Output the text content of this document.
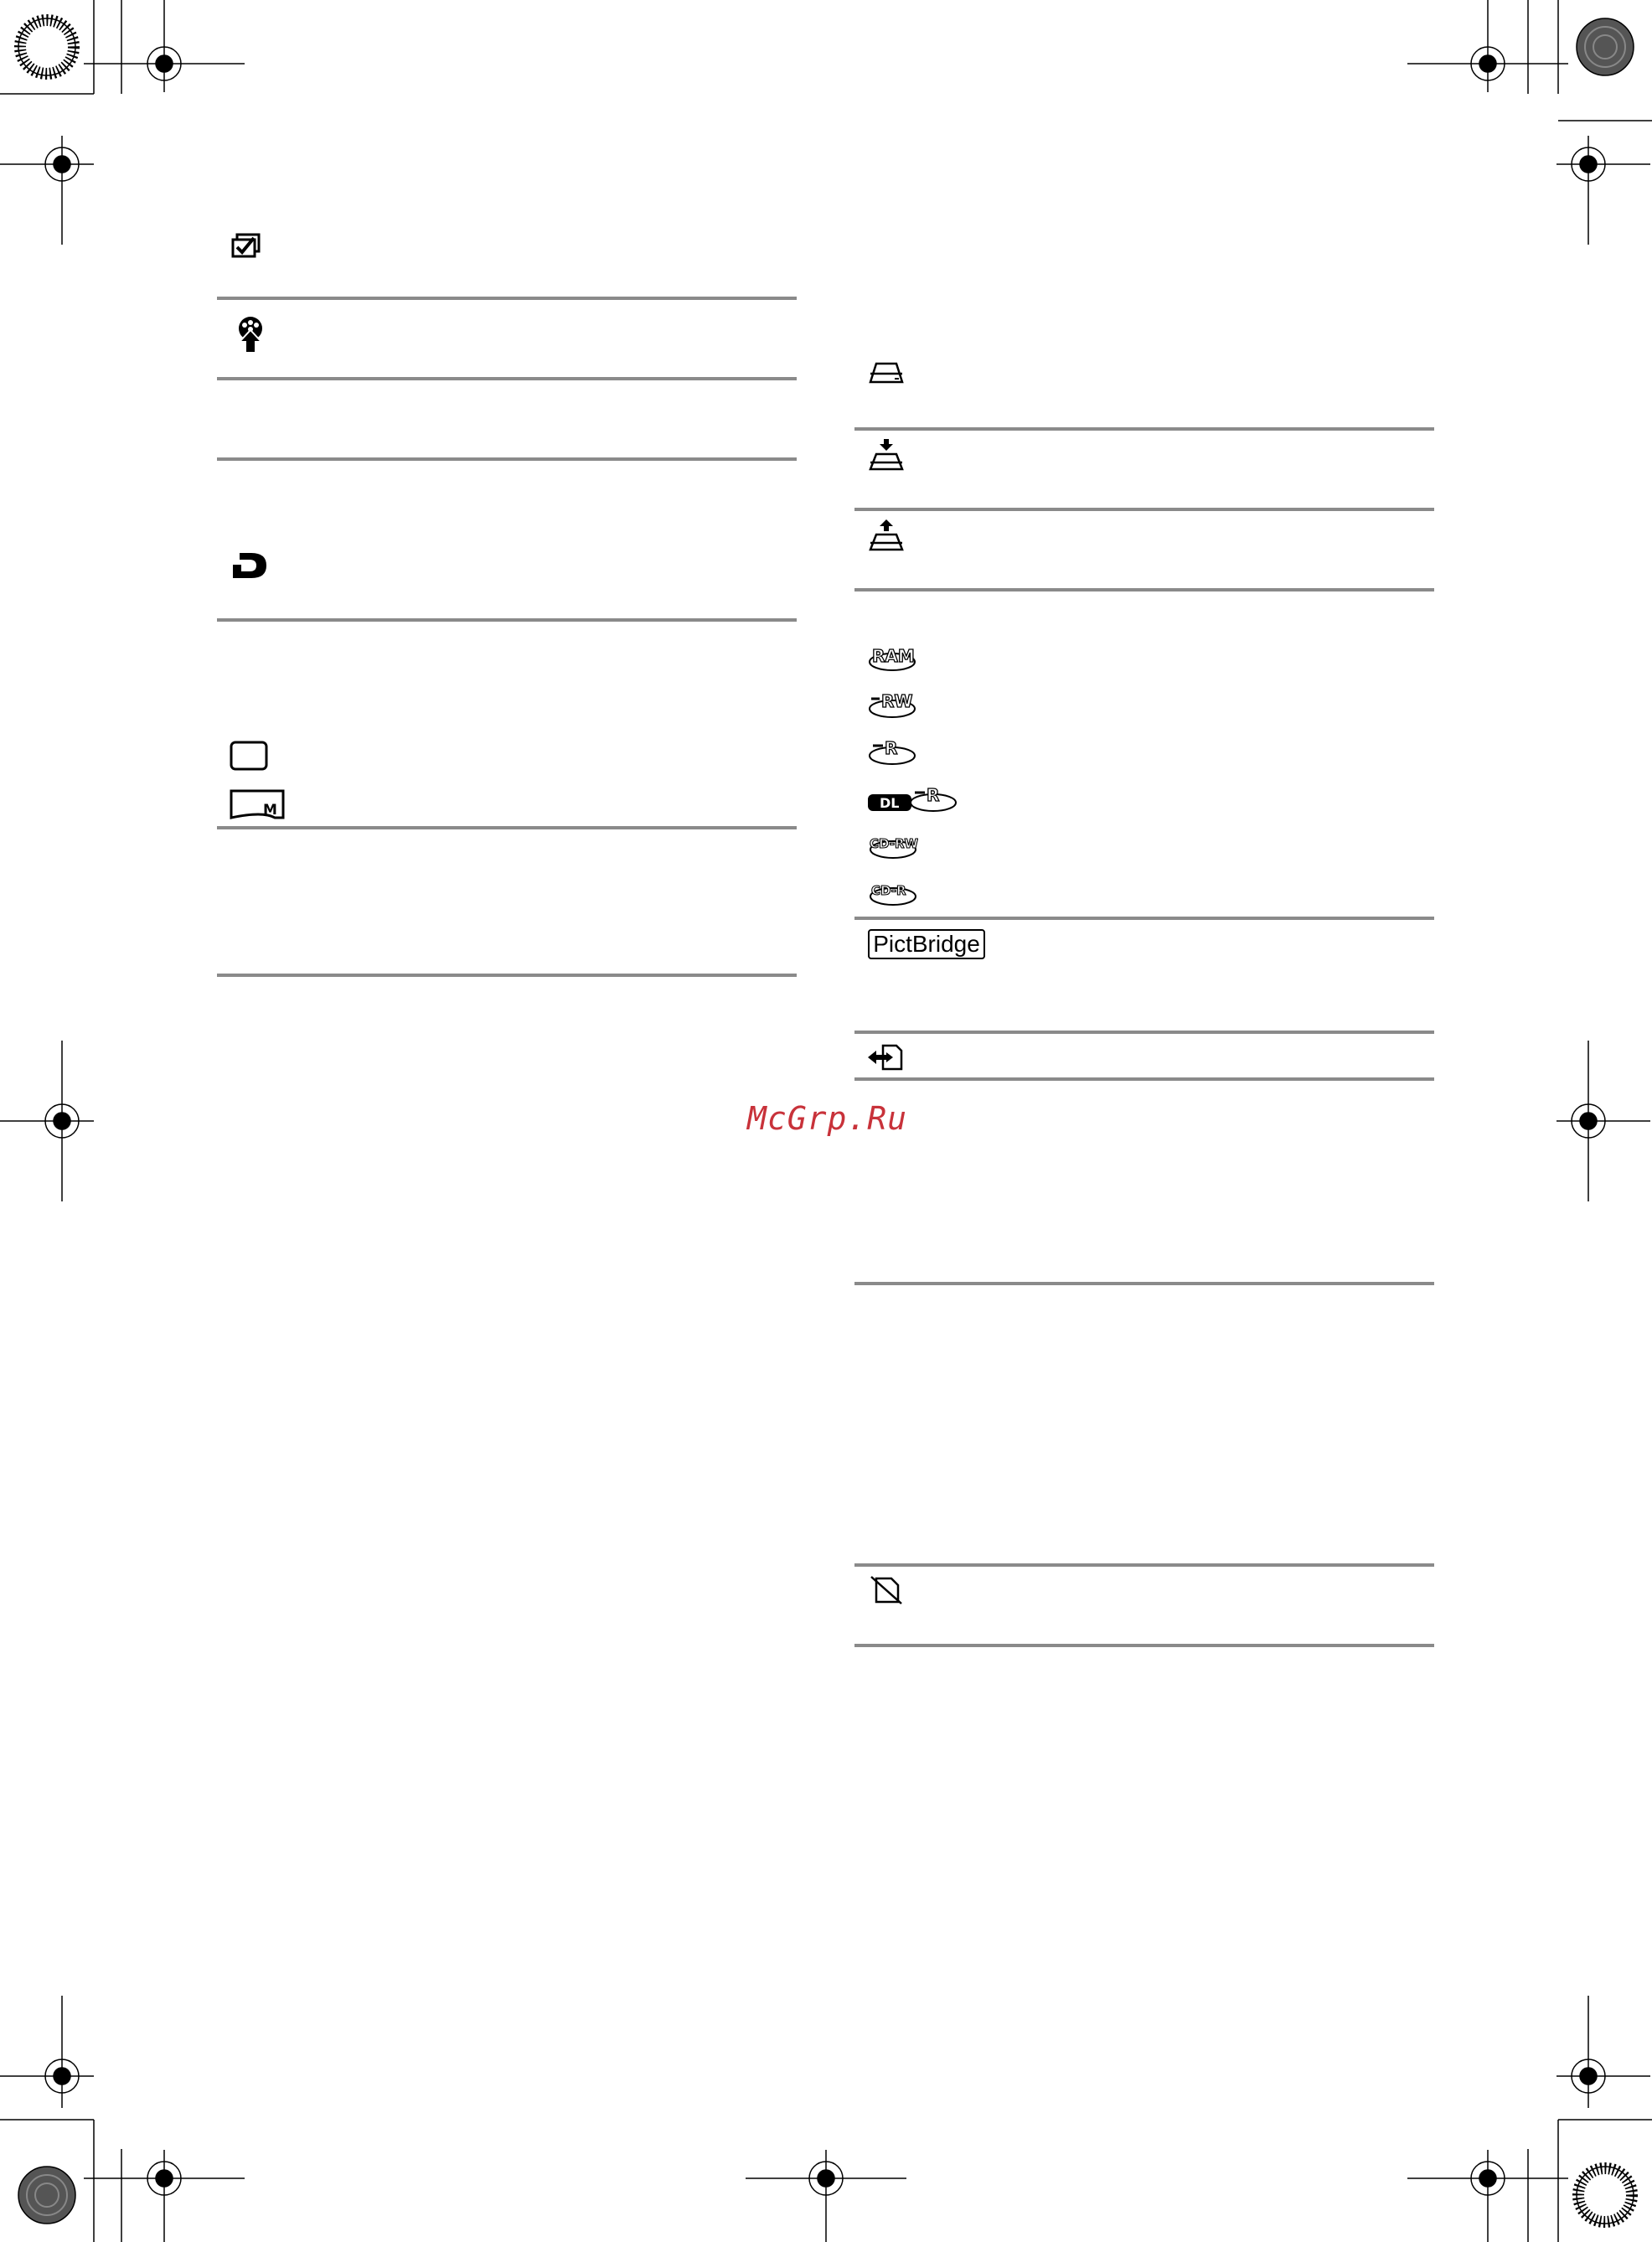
M
RAM
RW
R
DL R
CD-RW
CD-R
PictBridge
McGrp.Ru
